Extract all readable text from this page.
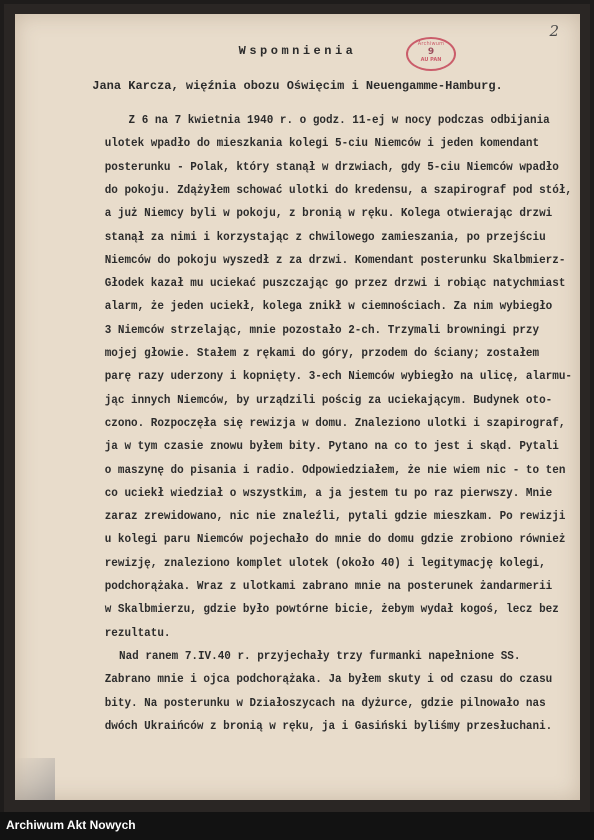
2
Archiwum
9
AU PAN
Wspomnienia
Jana Karcza, więźnia obozu Oświęcim i Neuengamme-Hamburg.
Z 6 na 7 kwietnia 1940 r. o godz. 11-ej w nocy podczas odbijania
ulotek wpadło do mieszkania kolegi 5-ciu Niemców i jeden komendant
posterunku - Polak, który stanął w drzwiach, gdy 5-ciu Niemców wpadło
do pokoju. Zdążyłem schować ulotki do kredensu, a szapirograf pod stół,
a już Niemcy byli w pokoju, z bronią w ręku. Kolega otwierając drzwi
stanął za nimi i korzystając z chwilowego zamieszania, po przejściu
Niemców do pokoju wyszedł z za drzwi. Komendant posterunku Skalbmierz-
Głodek kazał mu uciekać puszczając go przez drzwi i robiąc natychmiast
alarm, że jeden uciekł, kolega znikł w ciemnościach. Za nim wybiegło
3 Niemców strzelając, mnie pozostało 2-ch. Trzymali browningi przy
mojej głowie. Stałem z rękami do góry, przodem do ściany; zostałem
parę razy uderzony i kopnięty. 3-ech Niemców wybiegło na ulicę, alarmu-
jąc innych Niemców, by urządzili pościg za uciekającym. Budynek oto-
czono. Rozpoczęła się rewizja w domu. Znaleziono ulotki i szapirograf,
ja w tym czasie znowu byłem bity. Pytano na co to jest i skąd. Pytali
o maszynę do pisania i radio. Odpowiedziałem, że nie wiem nic - to ten
co uciekł wiedział o wszystkim, a ja jestem tu po raz pierwszy. Mnie
zaraz zrewidowano, nic nie znaleźli, pytali gdzie mieszkam. Po rewizji
u kolegi paru Niemców pojechało do mnie do domu gdzie zrobiono również
rewizję, znaleziono komplet ulotek (około 40) i legitymację kolegi,
podchorążaka. Wraz z ulotkami zabrano mnie na posterunek żandarmerii
w Skalbmierzu, gdzie było powtórne bicie, żebym wydał kogoś, lecz bez
rezultatu.
Nad ranem 7.IV.40 r. przyjechały trzy furmanki napełnione SS.
Zabrano mnie i ojca podchorążaka. Ja byłem skuty i od czasu do czasu
bity. Na posterunku w Działoszycach na dyżurce, gdzie pilnowało nas
dwóch Ukraińców z bronią w ręku, ja i Gasiński byliśmy przesłuchani.
Archiwum Akt Nowych
